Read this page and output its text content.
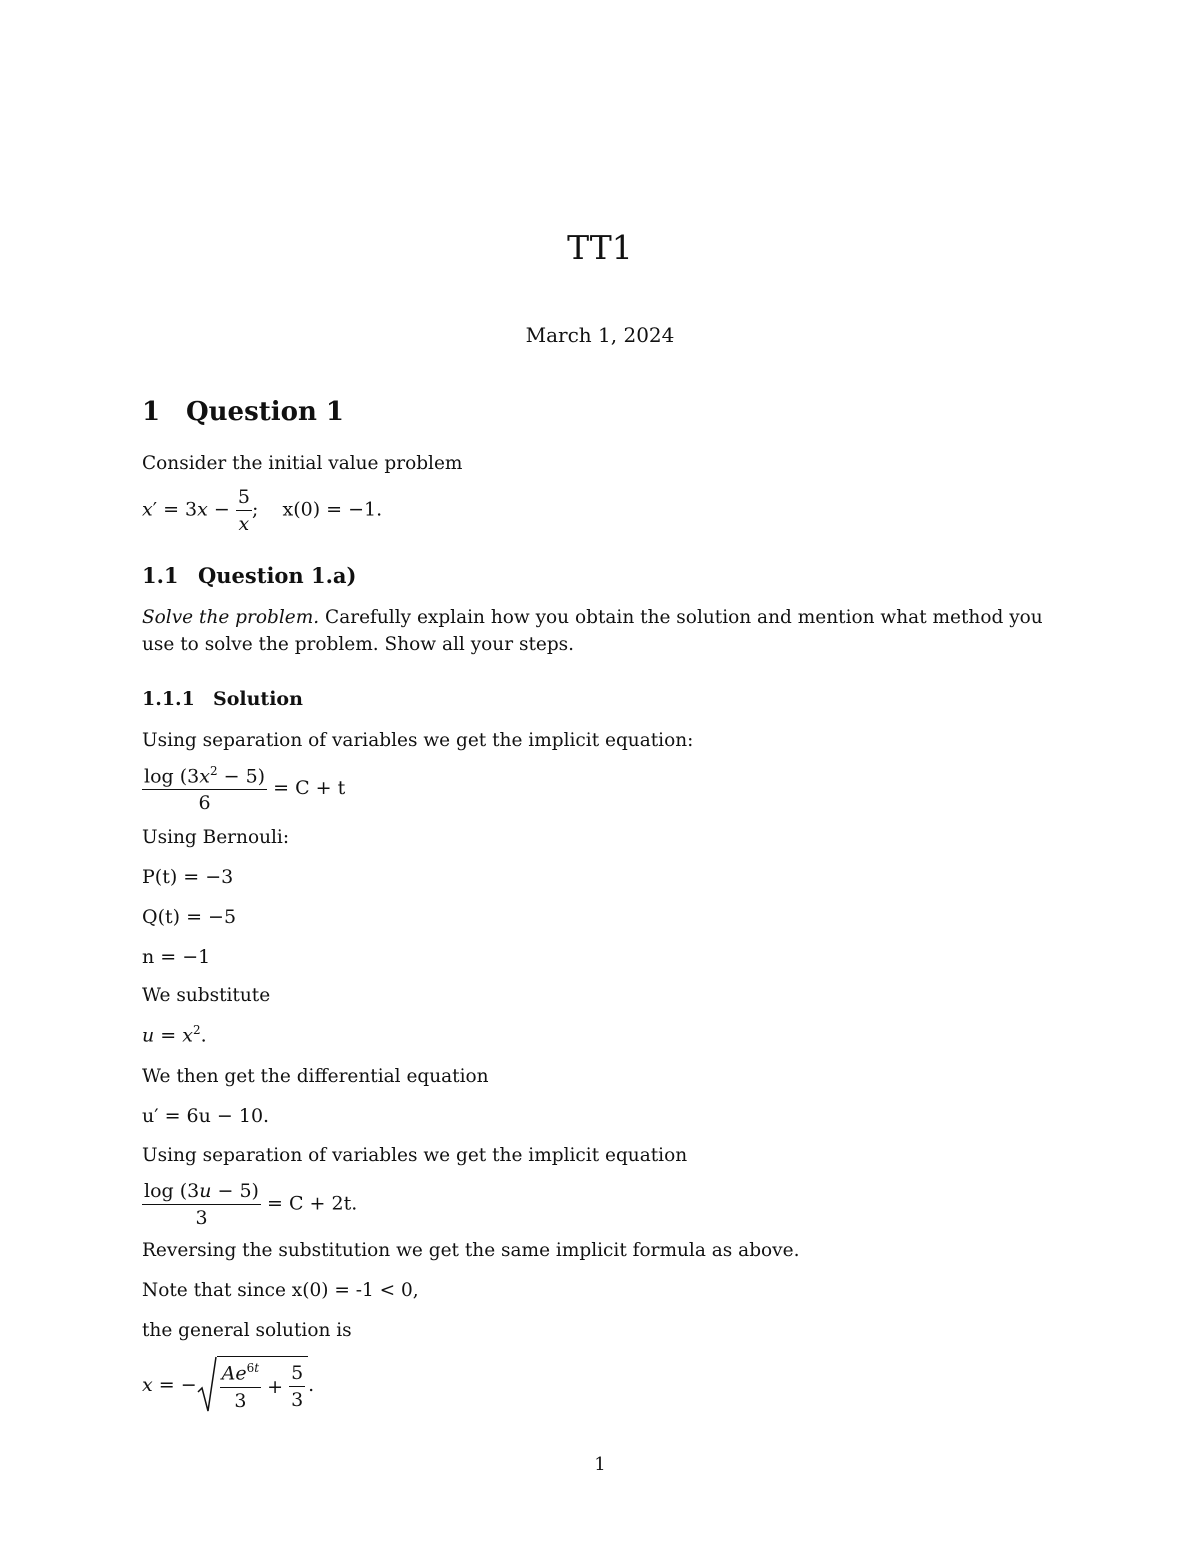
TT1
March 1, 2024
1 Question 1
Consider the initial value problem
$x' = 3x - \frac{5}{x}$ ;    x(0) = −1.
1.1 Question 1.a)
Solve the problem. Carefully explain how you obtain the solution and mention what method you use to solve the problem. Show all your steps.
1.1.1 Solution
Using separation of variables we get the implicit equation:
$\frac{\log (3x^2 - 5)}{6} = C + t$
Using Bernouli:
P(t) = −3
Q(t) = −5
n = −1
We substitute
$u = x^2$.
We then get the differential equation
u′ = 6u − 10.
Using separation of variables we get the implicit equation
$\frac{\log (3u - 5)}{3} = C + 2t$.
Reversing the substitution we get the same implicit formula as above.
Note that since x(0) = -1 < 0,
the general solution is
x = − $\frac{Ae^{6t}}{3} + \frac{5}{3}$ .
1
